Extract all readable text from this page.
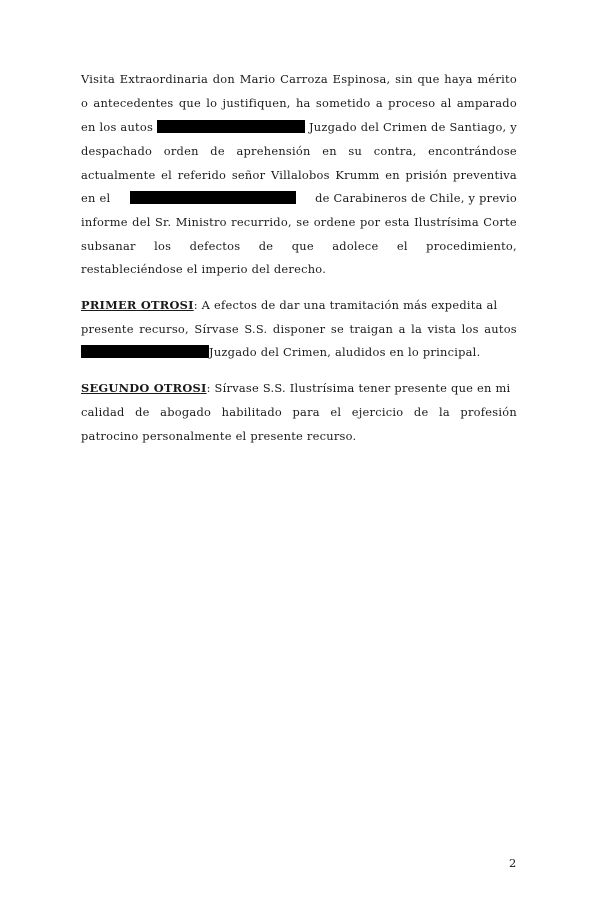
Visita Extraordinaria don Mario Carroza Espinosa, sin que haya mérito
o antecedentes que lo justifiquen, ha sometido a proceso al amparado
en los autos	Juzgado del Crimen de Santiago, y
despachado orden de aprehensión en su contra, encontrándose
actualmente el referido señor Villalobos Krumm en prisión preventiva
en el	de Carabineros de Chile, y previo
informe del Sr. Ministro recurrido, se ordene por esta Ilustrísima Corte
subsanar los defectos de que adolece el procedimiento,
restableciéndose el imperio del derecho.
PRIMER OTROSI: A efectos de dar una tramitación más expedita al
presente recurso, Sírvase S.S. disponer se traigan a la vista los autos
Juzgado del Crimen, aludidos en lo principal.
SEGUNDO OTROSI: Sírvase S.S. Ilustrísima tener presente que en mi
calidad de abogado habilitado para el ejercicio de la profesión
patrocino personalmente el presente recurso.
2
